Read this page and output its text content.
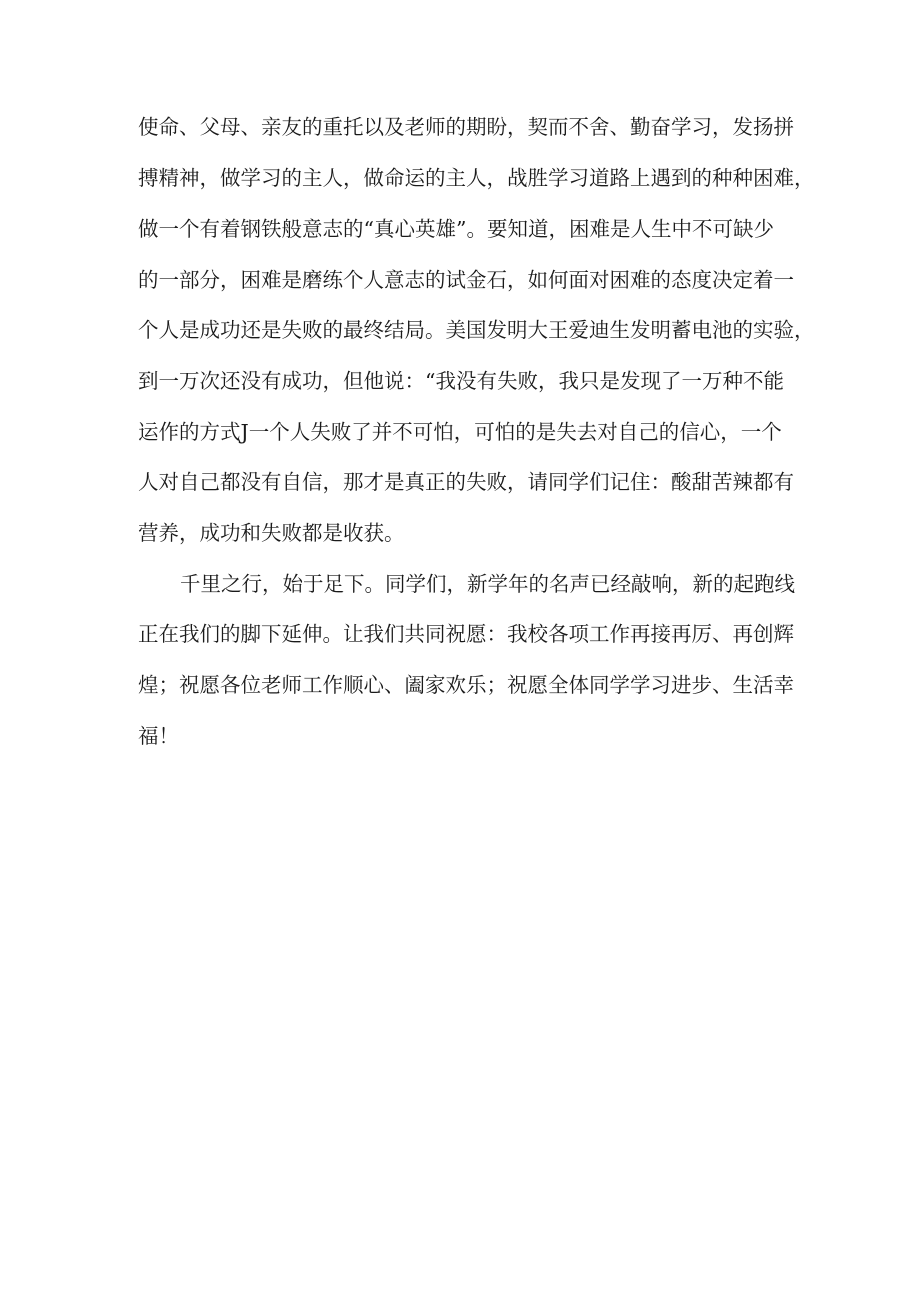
使命、父母、亲友的重托以及老师的期盼，契而不舍、勤奋学习，发扬拼

搏精神，做学习的主人，做命运的主人，战胜学习道路上遇到的种种困难，

做一个有着钢铁般意志的“真心英雄”。要知道，困难是人生中不可缺少

的一部分，困难是磨练个人意志的试金石，如何面对困难的态度决定着一

个人是成功还是失败的最终结局。美国发明大王爱迪生发明蓄电池的实验，

到一万次还没有成功，但他说：“我没有失败，我只是发现了一万种不能

运作的方式J一个人失败了并不可怕，可怕的是失去对自己的信心，一个

人对自己都没有自信，那才是真正的失败，请同学们记住：酸甜苦辣都有

营养，成功和失败都是收获。

千里之行，始于足下。同学们，新学年的名声已经敲响，新的起跑线

正在我们的脚下延伸。让我们共同祝愿：我校各项工作再接再厉、再创辉

煌；祝愿各位老师工作顺心、阖家欢乐；祝愿全体同学学习进步、生活幸

福！
